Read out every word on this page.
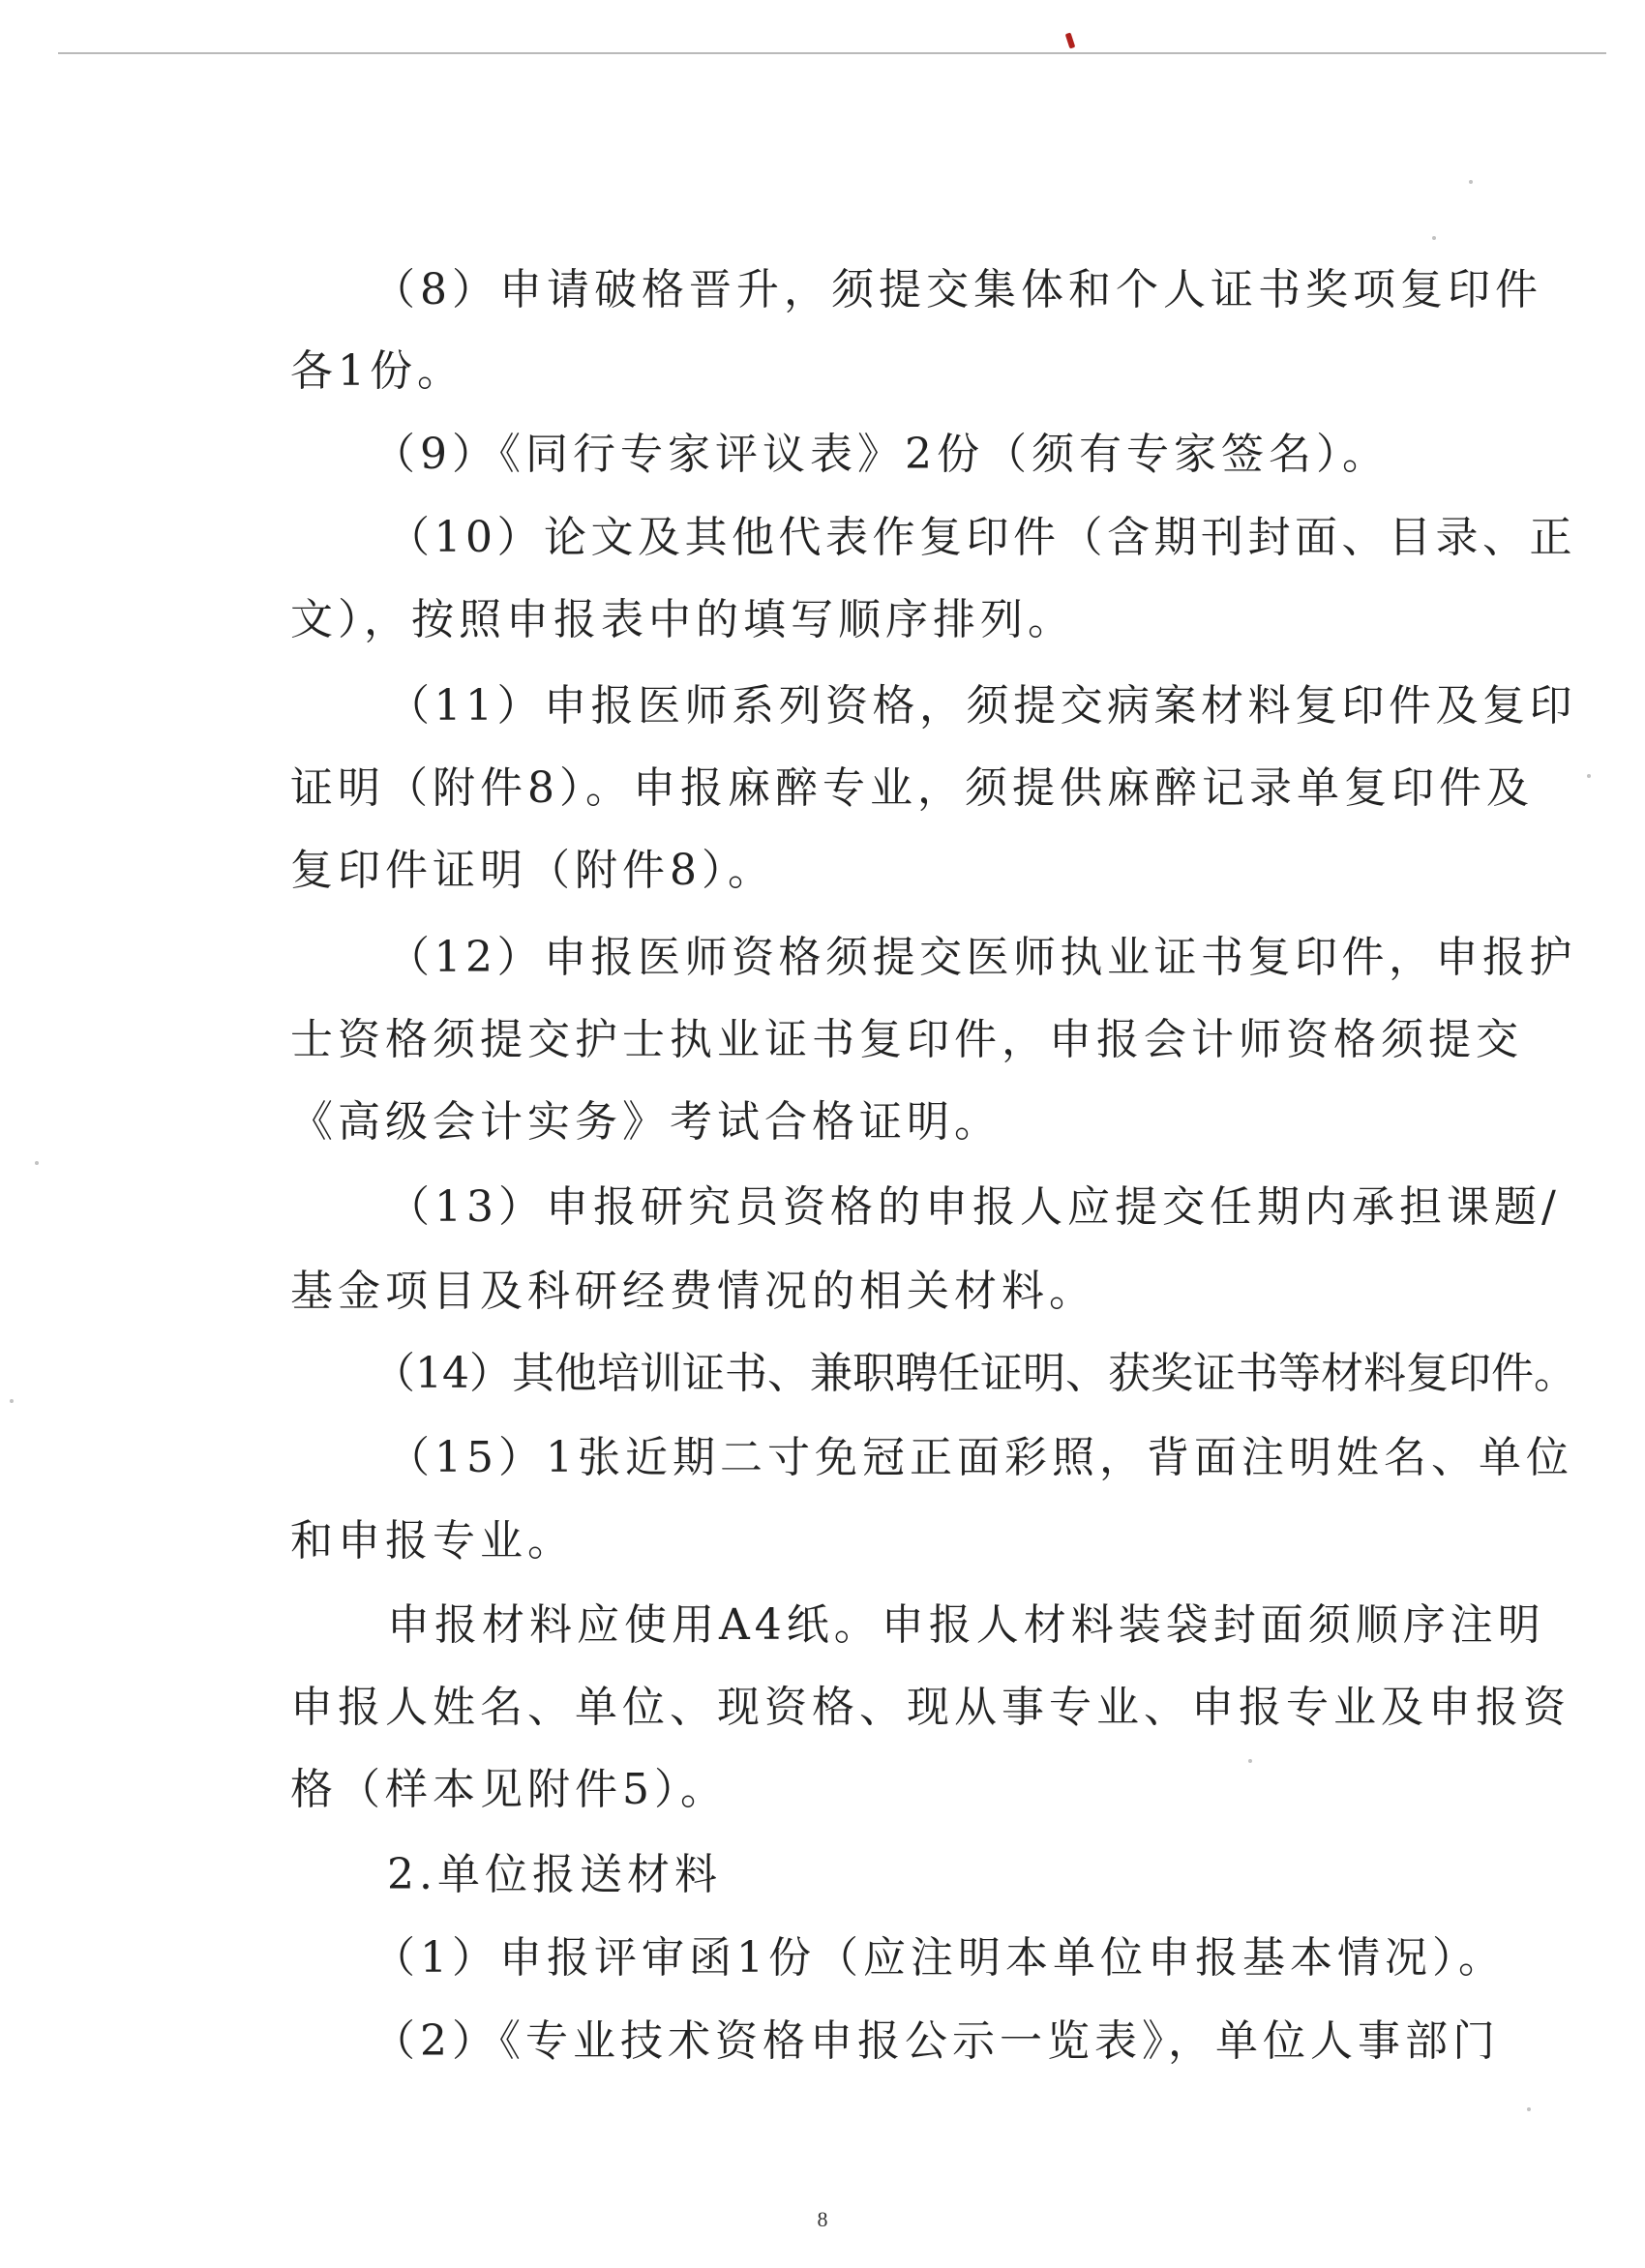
（8）申请破格晋升，须提交集体和个人证书奖项复印件
各1份。
（9）《同行专家评议表》2份（须有专家签名）。
（10）论文及其他代表作复印件（含期刊封面、目录、正
文），按照申报表中的填写顺序排列。
（11）申报医师系列资格，须提交病案材料复印件及复印
证明（附件8）。申报麻醉专业，须提供麻醉记录单复印件及
复印件证明（附件8）。
（12）申报医师资格须提交医师执业证书复印件，申报护
士资格须提交护士执业证书复印件，申报会计师资格须提交
《高级会计实务》考试合格证明。
（13）申报研究员资格的申报人应提交任期内承担课题/
基金项目及科研经费情况的相关材料。
（14）其他培训证书、兼职聘任证明、获奖证书等材料复印件。
（15）1张近期二寸免冠正面彩照，背面注明姓名、单位
和申报专业。
申报材料应使用A4纸。申报人材料装袋封面须顺序注明
申报人姓名、单位、现资格、现从事专业、申报专业及申报资
格（样本见附件5）。
2.单位报送材料
（1）申报评审函1份（应注明本单位申报基本情况）。
（2）《专业技术资格申报公示一览表》，单位人事部门
8
